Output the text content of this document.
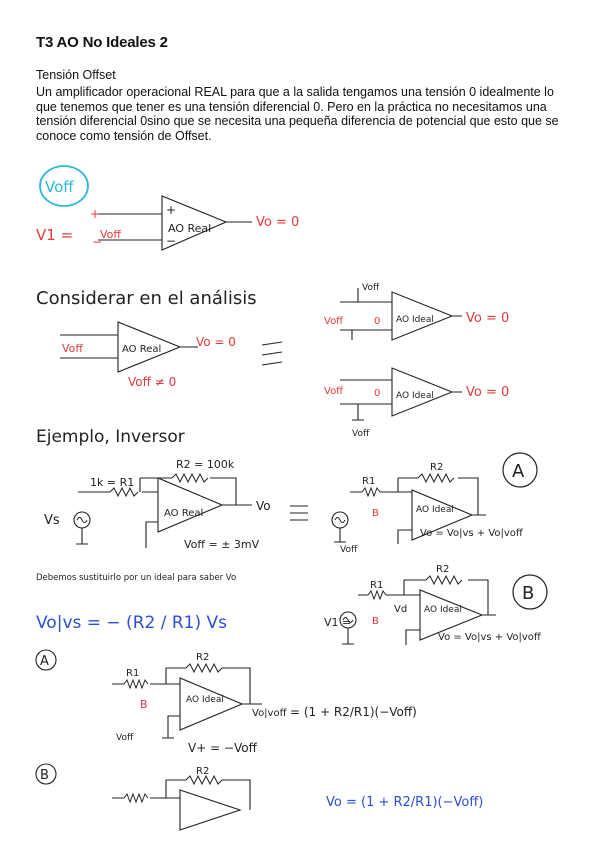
T3 AO No Ideales 2
Tensión Offset
Un amplificador operacional REAL para que a la salida tengamos una tensión 0 idealmente lo que tenemos que tener es una tensión diferencial 0. Pero en la práctica no necesitamos una tensión diferencial 0sino que se necesita una pequeña diferencia de potencial que esto que se conoce como tensión de Offset.
Voff
+
−
AO Real
+
−
V1 = Voff
Vo = 0
Considerar en el análisis
Voff	AO Real
Vo = 0
Voff ≠ 0
Voff
Voff	0 AO Ideal Vo = 0
Voff	0 AO Ideal Vo = 0
Voff
Ejemplo, Inversor
R2 = 100k
1k = R1
Vs	AO Real
Vo
Voff = ± 3mV
A
R2
R1
AO Ideal
B
Voff
Vo = Vo|vs + Vo|voff
Debemos sustituirlo por un ideal para saber Vo
B
R2
R1
Vd AO Ideal
B
V1 =
Vo = Vo|vs + Vo|voff
Vo|vs = − (R2 / R1) Vs
A
R1
R2
AO Ideal
B
Voff
Vo|voff = (1 + R2/R1)(−Voff)
V+ = −Voff
B	R2
Vo = (1 + R2/R1)(−Voff)
